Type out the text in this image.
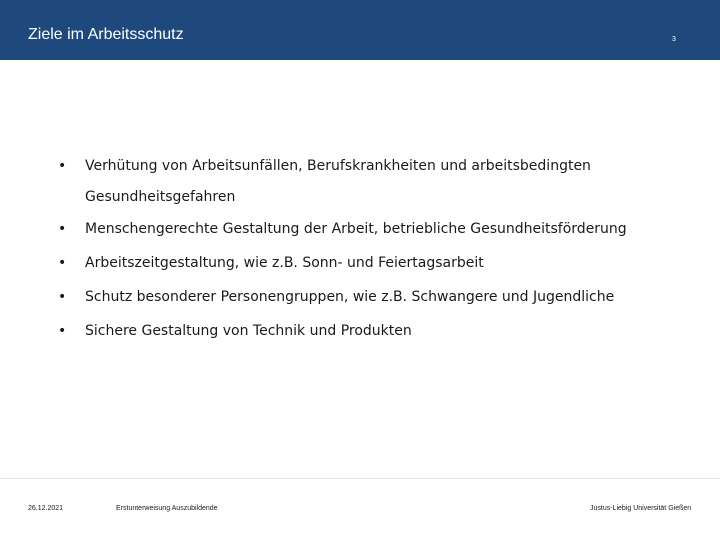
Ziele im Arbeitsschutz	3
• Verhütung von Arbeitsunfällen, Berufskrankheiten und arbeitsbedingten
Gesundheitsgefahren
• Menschengerechte Gestaltung der Arbeit, betriebliche Gesundheitsförderung
• Arbeitszeitgestaltung, wie z.B. Sonn- und Feiertagsarbeit
• Schutz besonderer Personengruppen, wie z.B. Schwangere und Jugendliche
• Sichere Gestaltung von Technik und Produkten
26.12.2021	Erstunterweisung Auszubildende	Justus-Liebig Universität Gießen
